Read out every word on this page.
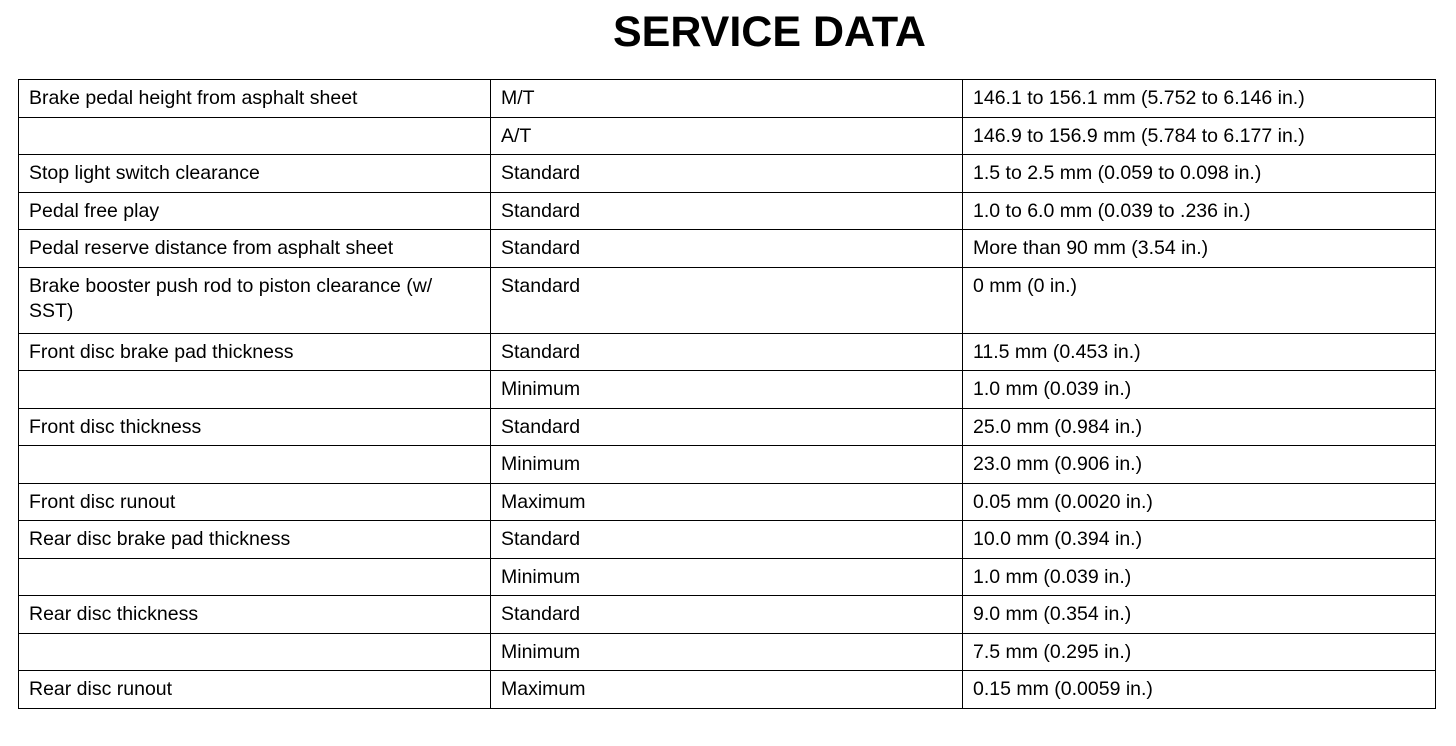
SERVICE DATA
Brake pedal height from asphalt sheet	M/T	146.1 to 156.1 mm (5.752 to 6.146 in.)
	A/T	146.9 to 156.9 mm (5.784 to 6.177 in.)
Stop light switch clearance	Standard	1.5 to 2.5 mm (0.059 to 0.098 in.)
Pedal free play	Standard	1.0 to 6.0 mm (0.039 to .236 in.)
Pedal reserve distance from asphalt sheet	Standard	More than 90 mm (3.54 in.)
Brake booster push rod to piston clearance (w/ SST)	Standard	0 mm (0 in.)
Front disc brake pad thickness	Standard	11.5 mm (0.453 in.)
	Minimum	1.0 mm (0.039 in.)
Front disc thickness	Standard	25.0 mm (0.984 in.)
	Minimum	23.0 mm (0.906 in.)
Front disc runout	Maximum	0.05 mm (0.0020 in.)
Rear disc brake pad thickness	Standard	10.0 mm (0.394 in.)
	Minimum	1.0 mm (0.039 in.)
Rear disc thickness	Standard	9.0 mm (0.354 in.)
	Minimum	7.5 mm (0.295 in.)
Rear disc runout	Maximum	0.15 mm (0.0059 in.)
